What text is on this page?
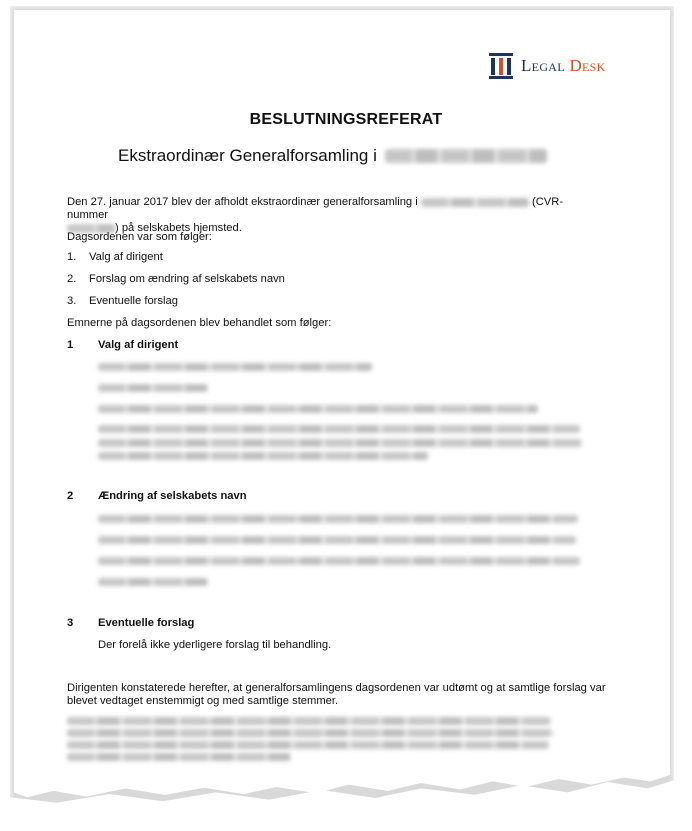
Legal Desk
BESLUTNINGSREFERAT
Ekstraordinær Generalforsamling i
Den 27. januar 2017 blev der afholdt ekstraordinær generalforsamling i	(CVR-nummer
) på selskabets hjemsted.
Dagsordenen var som følger:
1. Valg af dirigent
2. Forslag om ændring af selskabets navn
3. Eventuelle forslag
Emnerne på dagsordenen blev behandlet som følger:
1 Valg af dirigent
2 Ændring af selskabets navn
3 Eventuelle forslag
Der forelå ikke yderligere forslag til behandling.
Dirigenten konstaterede herefter, at generalforsamlingens dagsordenen var udtømt og at samtlige forslag var
blevet vedtaget enstemmigt og med samtlige stemmer.
